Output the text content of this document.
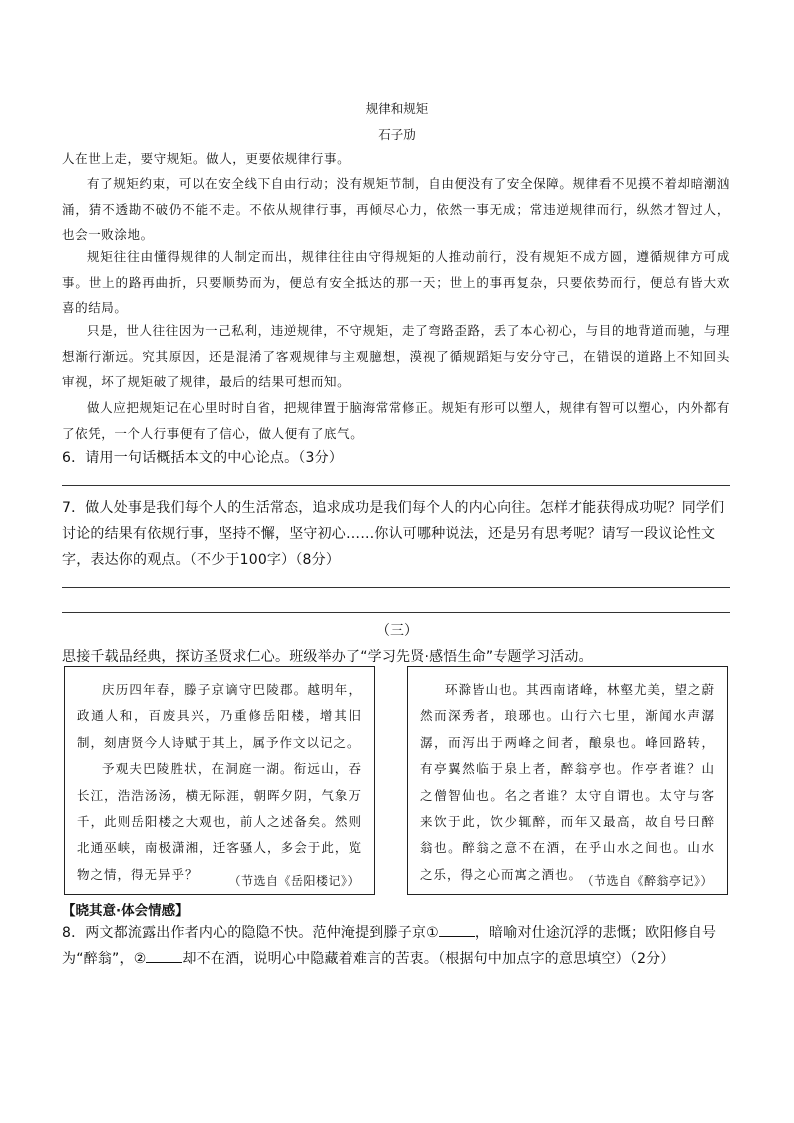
规律和规矩
石子劢
人在世上走，要守规矩。做人，更要依规律行事。
有了规矩约束，可以在安全线下自由行动；没有规矩节制，自由便没有了安全保障。规律看不见摸不着却暗潮汹涌，猜不透勘不破仍不能不走。不依从规律行事，再倾尽心力，依然一事无成；常违逆规律而行，纵然才智过人，也会一败涂地。
规矩往往由懂得规律的人制定而出，规律往往由守得规矩的人推动前行，没有规矩不成方圆，遵循规律方可成事。世上的路再曲折，只要顺势而为，便总有安全抵达的那一天；世上的事再复杂，只要依势而行，便总有皆大欢喜的结局。
只是，世人往往因为一己私利，违逆规律，不守规矩，走了弯路歪路，丢了本心初心，与目的地背道而驰，与理想渐行渐远。究其原因，还是混淆了客观规律与主观臆想，漠视了循规蹈矩与安分守己，在错误的道路上不知回头审视，坏了规矩破了规律，最后的结果可想而知。
做人应把规矩记在心里时时自省，把规律置于脑海常常修正。规矩有形可以塑人，规律有智可以塑心，内外都有了依凭，一个人行事便有了信心，做人便有了底气。
6．请用一句话概括本文的中心论点。（3分）
7．做人处事是我们每个人的生活常态，追求成功是我们每个人的内心向往。怎样才能获得成功呢？同学们讨论的结果有依规行事，坚持不懈，坚守初心……你认可哪种说法，还是另有思考呢？请写一段议论性文字，表达你的观点。（不少于100字）（8分）
（三）
思接千载品经典，探访圣贤求仁心。班级举办了“学习先贤·感悟生命”专题学习活动。

庆历四年春，滕子京谪守巴陵郡。越明年，政通人和，百废具兴，乃重修岳阳楼，增其旧制，刻唐贤今人诗赋于其上，属予作文以记之。

予观夫巴陵胜状，在洞庭一湖。衔远山，吞长江，浩浩汤汤，横无际涯，朝晖夕阴，气象万千，此则岳阳楼之大观也，前人之述备矣。然则北通巫峡，南极潇湘，迁客骚人，多会于此，览物之情，得无异乎？	（节选自《岳阳楼记》）

环滁皆山也。其西南诸峰，林壑尤美，望之蔚然而深秀者，琅琊也。山行六七里，渐闻水声潺潺，而泻出于两峰之间者，酿泉也。峰回路转，有亭翼然临于泉上者，醉翁亭也。作亭者谁？山之僧智仙也。名之者谁？太守自谓也。太守与客来饮于此，饮少辄醉，而年又最高，故自号曰醉翁也。醉翁之意不在酒，在乎山水之间也。山水之乐，得之心而寓之酒也。 （节选自《醉翁亭记》）
【晓其意·体会情感】
8．两文都流露出作者内心的隐隐不快。范仲淹提到滕子京①	，暗喻对仕途沉浮的悲慨；欧阳修自号为“醉翁”，②	却不在酒，说明心中隐藏着难言的苦衷。（根据句中加点字的意思填空）（2分）
